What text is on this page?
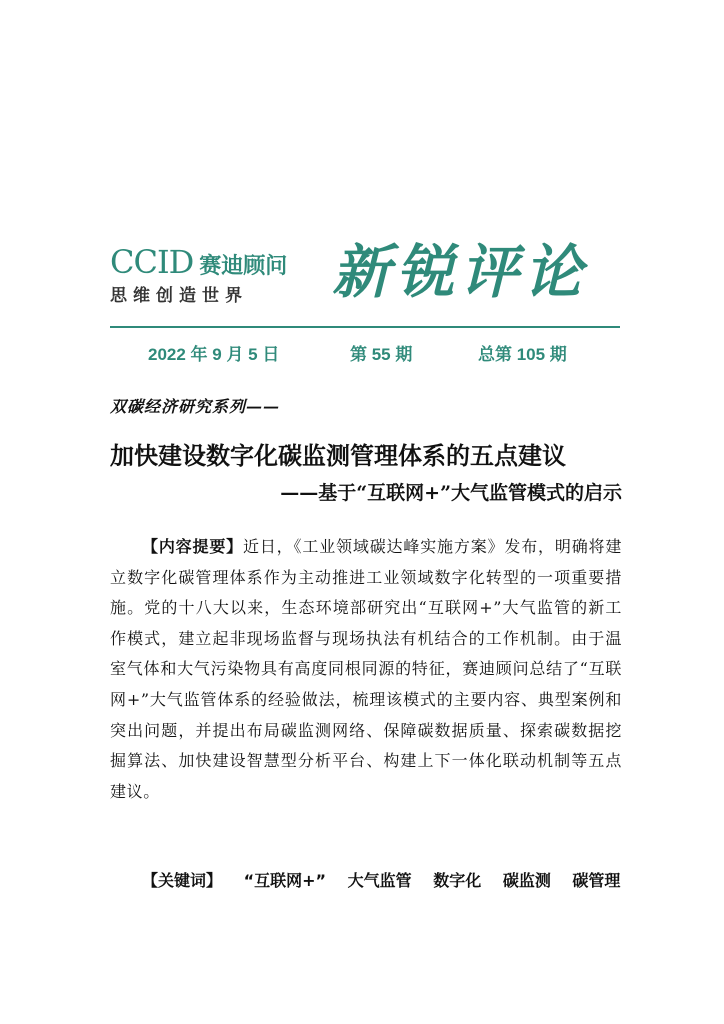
CCID 赛迪顾问
思维创造世界	新锐评论
2022 年 9 月 5 日	第 55 期	总第 105 期
双碳经济研究系列——
加快建设数字化碳监测管理体系的五点建议
——基于“互联网+”大气监管模式的启示
【内容提要】近日，《工业领域碳达峰实施方案》发布，明确将建立数字化碳管理体系作为主动推进工业领域数字化转型的一项重要措施。党的十八大以来，生态环境部研究出“互联网+”大气监管的新工作模式，建立起非现场监督与现场执法有机结合的工作机制。由于温室气体和大气污染物具有高度同根同源的特征，赛迪顾问总结了“互联网+”大气监管体系的经验做法，梳理该模式的主要内容、典型案例和突出问题，并提出布局碳监测网络、保障碳数据质量、探索碳数据挖掘算法、加快建设智慧型分析平台、构建上下一体化联动机制等五点建议。
【关键词】 “互联网+” 大气监管 数字化 碳监测 碳管理
